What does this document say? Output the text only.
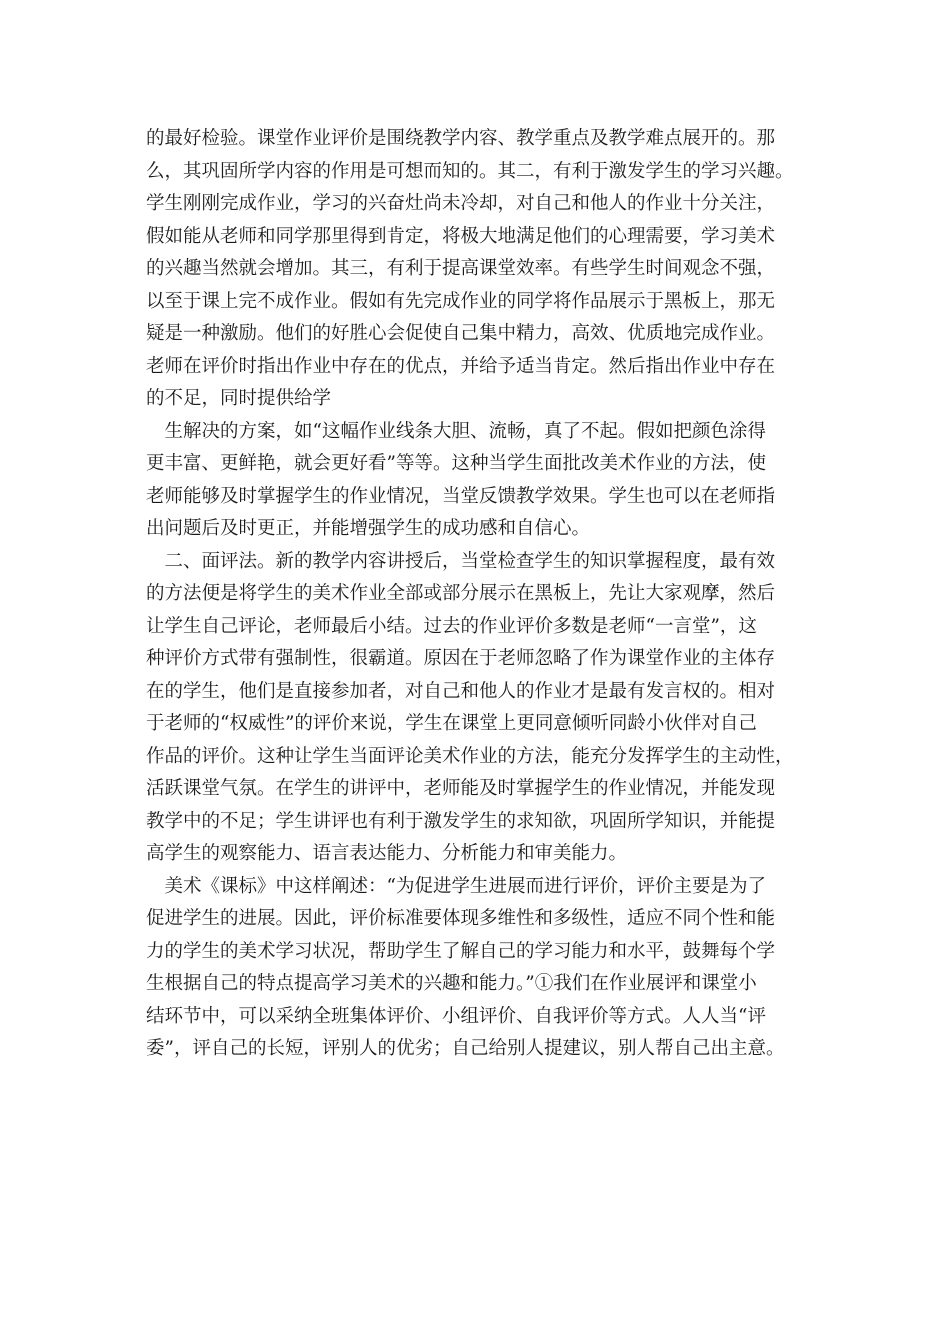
的最好检验。课堂作业评价是围绕教学内容、教学重点及教学难点展开的。那
么，其巩固所学内容的作用是可想而知的。其二，有利于激发学生的学习兴趣。
学生刚刚完成作业，学习的兴奋灶尚未冷却，对自己和他人的作业十分关注，
假如能从老师和同学那里得到肯定，将极大地满足他们的心理需要，学习美术
的兴趣当然就会增加。其三，有利于提高课堂效率。有些学生时间观念不强，
以至于课上完不成作业。假如有先完成作业的同学将作品展示于黑板上，那无
疑是一种激励。他们的好胜心会促使自己集中精力，高效、优质地完成作业。
老师在评价时指出作业中存在的优点，并给予适当肯定。然后指出作业中存在
的不足，同时提供给学
　生解决的方案，如“这幅作业线条大胆、流畅，真了不起。假如把颜色涂得
更丰富、更鲜艳，就会更好看”等等。这种当学生面批改美术作业的方法，使
老师能够及时掌握学生的作业情况，当堂反馈教学效果。学生也可以在老师指
出问题后及时更正，并能增强学生的成功感和自信心。
　二、面评法。新的教学内容讲授后，当堂检查学生的知识掌握程度，最有效
的方法便是将学生的美术作业全部或部分展示在黑板上，先让大家观摩，然后
让学生自己评论，老师最后小结。过去的作业评价多数是老师“一言堂”，这
种评价方式带有强制性，很霸道。原因在于老师忽略了作为课堂作业的主体存
在的学生，他们是直接参加者，对自己和他人的作业才是最有发言权的。相对
于老师的“权威性”的评价来说，学生在课堂上更同意倾听同龄小伙伴对自己
作品的评价。这种让学生当面评论美术作业的方法，能充分发挥学生的主动性，
活跃课堂气氛。在学生的讲评中，老师能及时掌握学生的作业情况，并能发现
教学中的不足；学生讲评也有利于激发学生的求知欲，巩固所学知识，并能提
高学生的观察能力、语言表达能力、分析能力和审美能力。
　美术《课标》中这样阐述：“为促进学生进展而进行评价，评价主要是为了
促进学生的进展。因此，评价标准要体现多维性和多级性，适应不同个性和能
力的学生的美术学习状况，帮助学生了解自己的学习能力和水平，鼓舞每个学
生根据自己的特点提高学习美术的兴趣和能力。”①我们在作业展评和课堂小
结环节中，可以采纳全班集体评价、小组评价、自我评价等方式。人人当“评
委”，评自己的长短，评别人的优劣；自己给别人提建议，别人帮自己出主意。
